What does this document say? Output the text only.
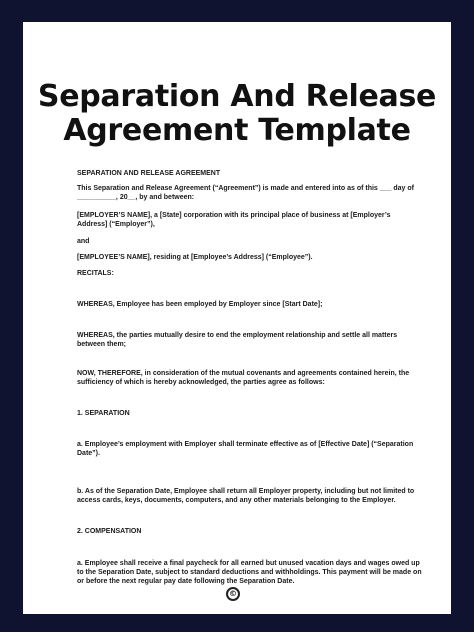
Separation And Release
Agreement Template

SEPARATION AND RELEASE AGREEMENT

This Separation and Release Agreement (“Agreement”) is made and entered into as of this ___ day of __________, 20__, by and between:

[EMPLOYER’S NAME], a [State] corporation with its principal place of business at [Employer’s Address] (“Employer”),

and

[EMPLOYEE’S NAME], residing at [Employee’s Address] (“Employee”).

RECITALS:

WHEREAS, Employee has been employed by Employer since [Start Date];

WHEREAS, the parties mutually desire to end the employment relationship and settle all matters between them;

NOW, THEREFORE, in consideration of the mutual covenants and agreements contained herein, the sufficiency of which is hereby acknowledged, the parties agree as follows:

1. SEPARATION

a. Employee’s employment with Employer shall terminate effective as of [Effective Date] (“Separation Date”).

b. As of the Separation Date, Employee shall return all Employer property, including but not limited to access cards, keys, documents, computers, and any other materials belonging to the Employer.

2. COMPENSATION

a. Employee shall receive a final paycheck for all earned but unused vacation days and wages owed up to the Separation Date, subject to standard deductions and withholdings. This payment will be made on or before the next regular pay date following the Separation Date.

©
